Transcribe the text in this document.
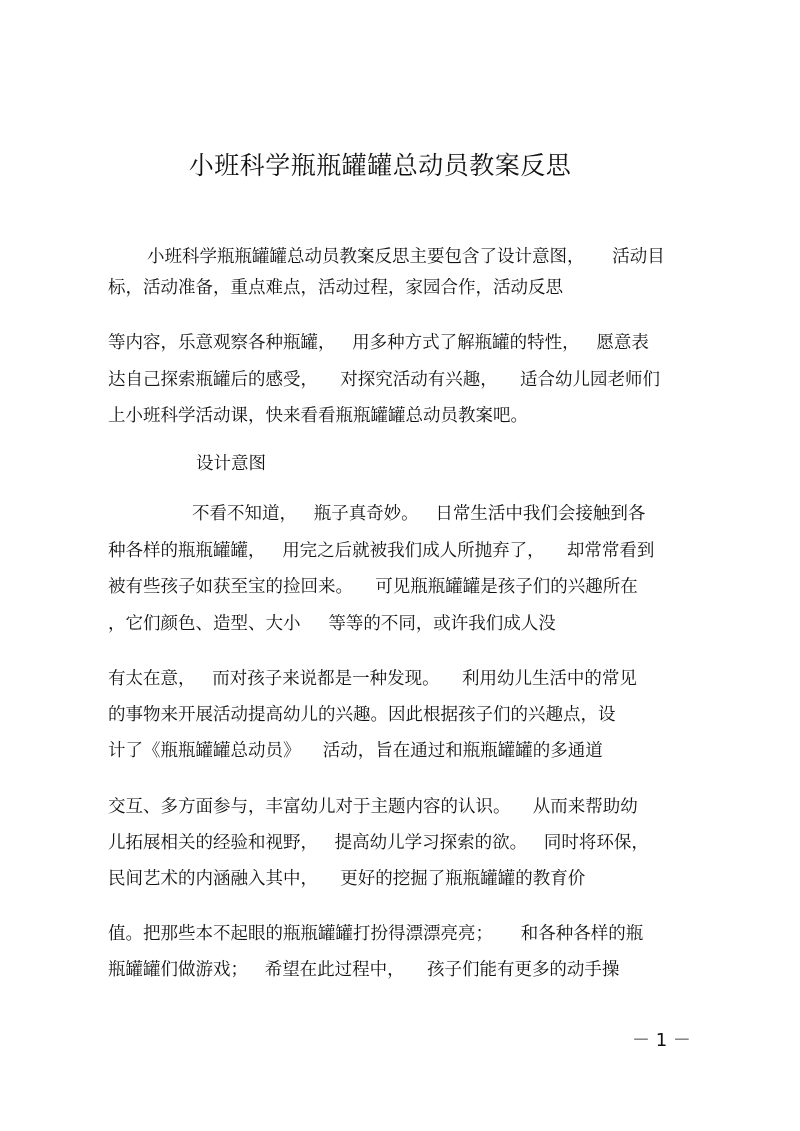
小班科学瓶瓶罐罐总动员教案反思
小班科学瓶瓶罐罐总动员教案反思主要包含了设计意图，     活动目
标，活动准备，重点难点，活动过程，家园合作，活动反思
等内容，乐意观察各种瓶罐，   用多种方式了解瓶罐的特性，   愿意表
达自己探索瓶罐后的感受，    对探究活动有兴趣，    适合幼儿园老师们
上小班科学活动课，快来看看瓶瓶罐罐总动员教案吧。
设计意图
不看不知道，   瓶子真奇妙。   日常生活中我们会接触到各
种各样的瓶瓶罐罐，   用完之后就被我们成人所抛弃了，    却常常看到
被有些孩子如获至宝的捡回来。    可见瓶瓶罐罐是孩子们的兴趣所在
，它们颜色、造型、大小     等等的不同，或许我们成人没
有太在意，   而对孩子来说都是一种发现。    利用幼儿生活中的常见
的事物来开展活动提高幼儿的兴趣。因此根据孩子们的兴趣点，设
计了《瓶瓶罐罐总动员》    活动，旨在通过和瓶瓶罐罐的多通道
交互、多方面参与，丰富幼儿对于主题内容的认识。    从而来帮助幼
儿拓展相关的经验和视野，   提高幼儿学习探索的欲。   同时将环保，
民间艺术的内涵融入其中，    更好的挖掘了瓶瓶罐罐的教育价
值。把那些本不起眼的瓶瓶罐罐打扮得漂漂亮亮；     和各种各样的瓶
瓶罐罐们做游戏；   希望在此过程中，    孩子们能有更多的动手操
－ 1 －
